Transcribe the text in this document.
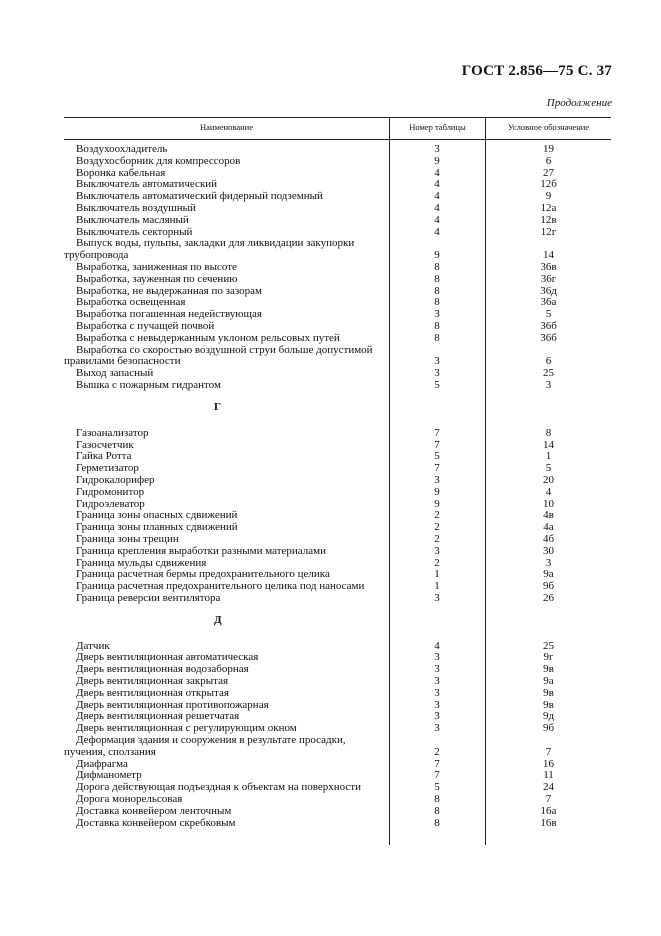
ГОСТ 2.856—75 С. 37
Продолжение
Наименование	Номер таблицы	Условное обозначение
Воздухоохладитель	3	19
Воздухосборник для компрессоров	9	6
Воронка кабельная	4	27
Выключатель автоматический	4	12б
Выключатель автоматический фидерный подземный	4	9
Выключатель воздушный	4	12а
Выключатель масляный	4	12в
Выключатель секторный	4	12г
Выпуск воды, пульпы, закладки для ликвидации закупорки трубопровода	9	14
Выработка, заниженная по высоте	8	36в
Выработка, зауженная по сечению	8	36г
Выработка, не выдержанная по зазорам	8	36д
Выработка освещенная	8	36а
Выработка погашенная недействующая	3	5
Выработка с пучащей почвой	8	36б
Выработка с невыдержанным уклоном рельсовых путей	8	36б
Выработка со скоростью воздушной струи больше допустимой правилами безопасности	3	6
Выход запасный	3	25
Вышка с пожарным гидрантом	5	3
Г
Газоанализатор	7	8
Газосчетчик	7	14
Гайка Ротта	5	1
Герметизатор	7	5
Гидрокалорифер	3	20
Гидромонитор	9	4
Гидроэлеватор	9	10
Граница зоны опасных сдвижений	2	4в
Граница зоны плавных сдвижений	2	4а
Граница зоны трещин	2	4б
Граница крепления выработки разными материалами	3	30
Граница мульды сдвижения	2	3
Граница расчетная бермы предохранительного целика	1	9а
Граница расчетная предохранительного целика под наносами	1	9б
Граница реверсии вентилятора	3	26
Д
Датчик	4	25
Дверь вентиляционная автоматическая	3	9г
Дверь вентиляционная водозаборная	3	9в
Дверь вентиляционная закрытая	3	9а
Дверь вентиляционная открытая	3	9в
Дверь вентиляционная противопожарная	3	9в
Дверь вентиляционная решетчатая	3	9д
Дверь вентиляционная с регулирующим окном	3	9б
Деформация здания и сооружения в результате просадки, пучения, сползания	2	7
Диафрагма	7	16
Дифманометр	7	11
Дорога действующая подъездная к объектам на поверхности	5	24
Дорога монорельсовая	8	7
Доставка конвейером ленточным	8	16а
Доставка конвейером скребковым	8	16в
